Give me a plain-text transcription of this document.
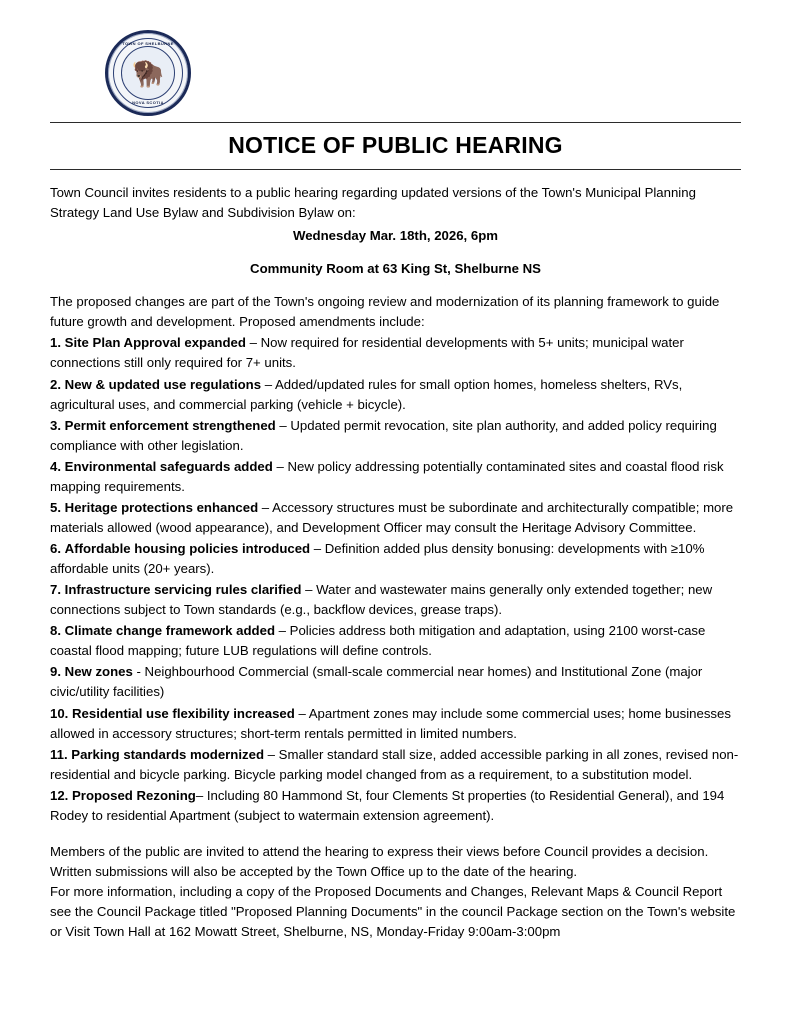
TOWN OF SHELBURNE
🦬
NOVA SCOTIA
NOTICE OF PUBLIC HEARING

Town Council invites residents to a public hearing regarding updated versions of the Town's Municipal Planning Strategy Land Use Bylaw and Subdivision Bylaw on:

Wednesday Mar. 18th, 2026, 6pm

Community Room at 63 King St, Shelburne NS

The proposed changes are part of the Town's ongoing review and modernization of its planning framework to guide future growth and development. Proposed amendments include:

1. Site Plan Approval expanded – Now required for residential developments with 5+ units; municipal water connections still only required for 7+ units.

2. New & updated use regulations – Added/updated rules for small option homes, homeless shelters, RVs, agricultural uses, and commercial parking (vehicle + bicycle).

3. Permit enforcement strengthened – Updated permit revocation, site plan authority, and added policy requiring compliance with other legislation.

4. Environmental safeguards added – New policy addressing potentially contaminated sites and coastal flood risk mapping requirements.

5. Heritage protections enhanced – Accessory structures must be subordinate and architecturally compatible; more materials allowed (wood appearance), and Development Officer may consult the Heritage Advisory Committee.

6. Affordable housing policies introduced – Definition added plus density bonusing: developments with ≥10% affordable units (20+ years).

7. Infrastructure servicing rules clarified – Water and wastewater mains generally only extended together; new connections subject to Town standards (e.g., backflow devices, grease traps).

8. Climate change framework added – Policies address both mitigation and adaptation, using 2100 worst-case coastal flood mapping; future LUB regulations will define controls.

9. New zones - Neighbourhood Commercial (small-scale commercial near homes) and Institutional Zone (major civic/utility facilities)

10. Residential use flexibility increased – Apartment zones may include some commercial uses; home businesses allowed in accessory structures; short-term rentals permitted in limited numbers.

11. Parking standards modernized – Smaller standard stall size, added accessible parking in all zones, revised non-residential and bicycle parking. Bicycle parking model changed from as a requirement, to a substitution model.

12. Proposed Rezoning– Including 80 Hammond St, four Clements St properties (to Residential General), and 194 Rodey to residential Apartment (subject to watermain extension agreement).

Members of the public are invited to attend the hearing to express their views before Council provides a decision. Written submissions will also be accepted by the Town Office up to the date of the hearing.

For more information, including a copy of the Proposed Documents and Changes, Relevant Maps & Council Report see the Council Package titled "Proposed Planning Documents" in the council Package section on the Town's website or Visit Town Hall at 162 Mowatt Street, Shelburne, NS, Monday-Friday 9:00am-3:00pm
